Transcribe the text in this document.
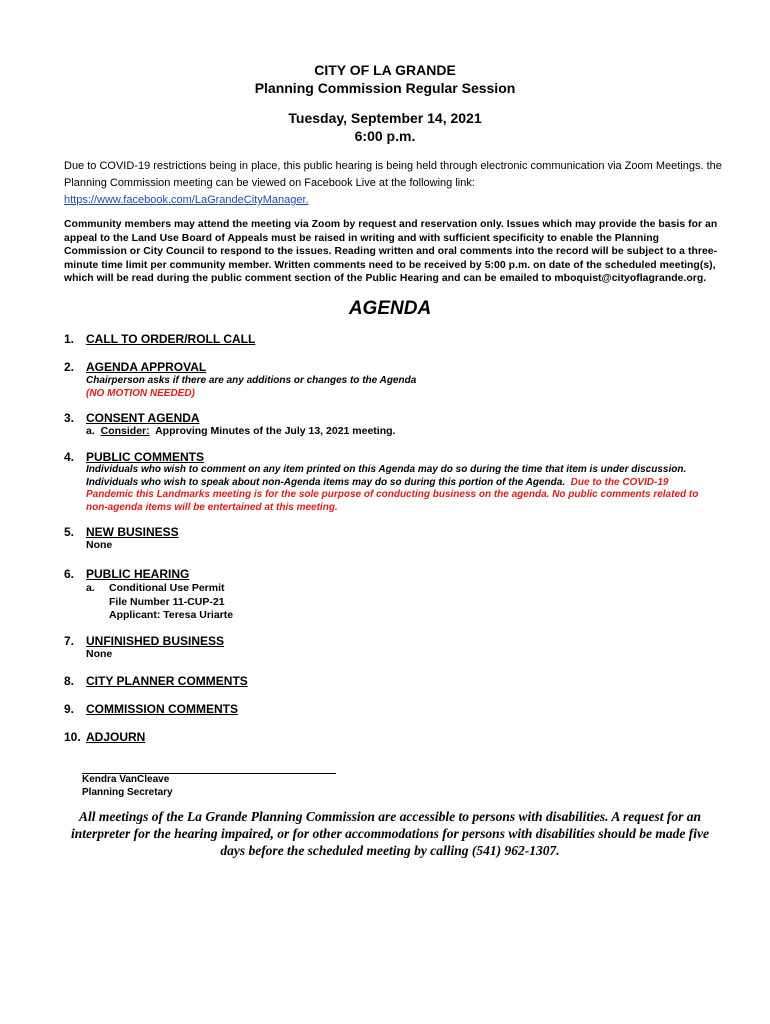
CITY OF LA GRANDE
Planning Commission Regular Session
Tuesday, September 14, 2021
6:00 p.m.
Due to COVID-19 restrictions being in place, this public hearing is being held through electronic communication via Zoom Meetings. the Planning Commission meeting can be viewed on Facebook Live at the following link:
https://www.facebook.com/LaGrandeCityManager.
Community members may attend the meeting via Zoom by request and reservation only. Issues which may provide the basis for an appeal to the Land Use Board of Appeals must be raised in writing and with sufficient specificity to enable the Planning Commission or City Council to respond to the issues. Reading written and oral comments into the record will be subject to a three-minute time limit per community member. Written comments need to be received by 5:00 p.m. on date of the scheduled meeting(s), which will be read during the public comment section of the Public Hearing and can be emailed to mboquist@cityoflagrande.org.
AGENDA
1. CALL TO ORDER/ROLL CALL
2. AGENDA APPROVAL
Chairperson asks if there are any additions or changes to the Agenda
(NO MOTION NEEDED)
3. CONSENT AGENDA
a. Consider: Approving Minutes of the July 13, 2021 meeting.
4. PUBLIC COMMENTS
Individuals who wish to comment on any item printed on this Agenda may do so during the time that item is under discussion.
Individuals who wish to speak about non-Agenda items may do so during this portion of the Agenda. Due to the COVID-19 Pandemic this Landmarks meeting is for the sole purpose of conducting business on the agenda. No public comments related to non-agenda items will be entertained at this meeting.
5. NEW BUSINESS
None
6. PUBLIC HEARING
a. Conditional Use Permit
File Number 11-CUP-21
Applicant: Teresa Uriarte
7. UNFINISHED BUSINESS
None
8. CITY PLANNER COMMENTS
9. COMMISSION COMMENTS
10. ADJOURN
Kendra VanCleave
Planning Secretary
All meetings of the La Grande Planning Commission are accessible to persons with disabilities. A request for an interpreter for the hearing impaired, or for other accommodations for persons with disabilities should be made five days before the scheduled meeting by calling (541) 962-1307.
